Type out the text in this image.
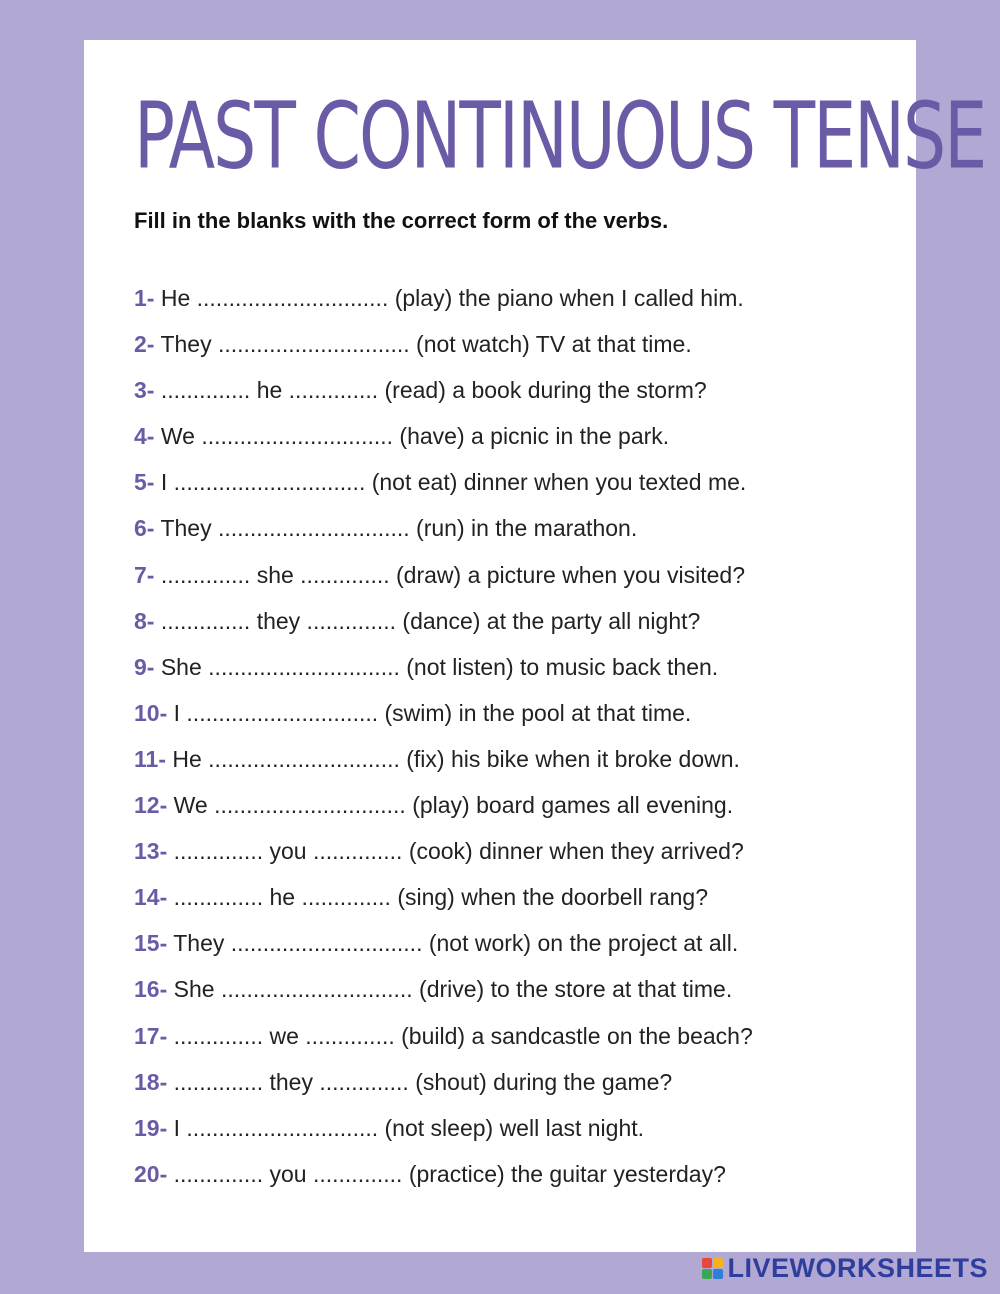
PAST CONTINUOUS TENSE

Fill in the blanks with the correct form of the verbs.

1- He .............................. (play) the piano when I called him.
2- They .............................. (not watch) TV at that time.
3- .............. he .............. (read) a book during the storm?
4- We .............................. (have) a picnic in the park.
5- I .............................. (not eat) dinner when you texted me.
6- They .............................. (run) in the marathon.
7- .............. she .............. (draw) a picture when you visited?
8- .............. they .............. (dance) at the party all night?
9- She .............................. (not listen) to music back then.
10- I .............................. (swim) in the pool at that time.
11- He .............................. (fix) his bike when it broke down.
12- We .............................. (play) board games all evening.
13- .............. you .............. (cook) dinner when they arrived?
14- .............. he .............. (sing) when the doorbell rang?
15- They .............................. (not work) on the project at all.
16- She .............................. (drive) to the store at that time.
17- .............. we .............. (build) a sandcastle on the beach?
18- .............. they .............. (shout) during the game?
19- I .............................. (not sleep) well last night.
20- .............. you .............. (practice) the guitar yesterday?
LIVEWORKSHEETS
